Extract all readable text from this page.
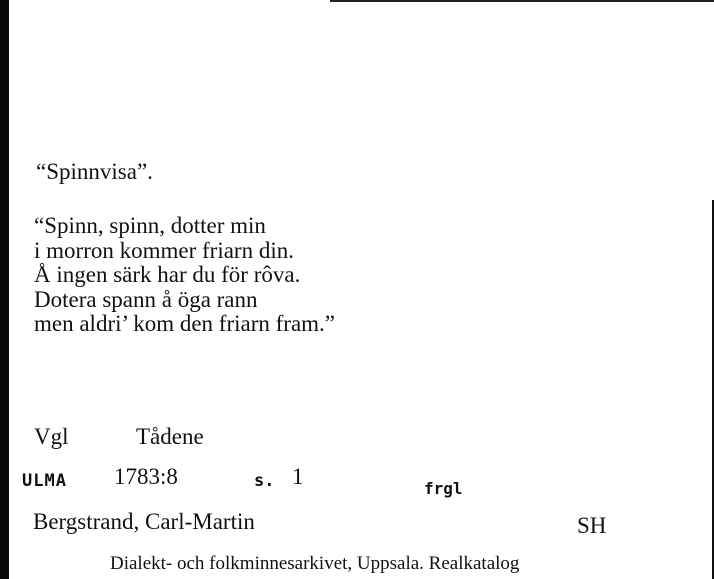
“Spinnvisa”.

“Spinn, spinn, dotter min
i morron kommer friarn din.
Å ingen särk har du för rôva.
Dotera spann å öga rann
men aldri’ kom den friarn fram.”

Vgl	Tådene
ULMA 1783:8	s. 1	frgl
Bergstrand, Carl-Martin	SH
Dialekt- och folkminnesarkivet, Uppsala. Realkatalog
